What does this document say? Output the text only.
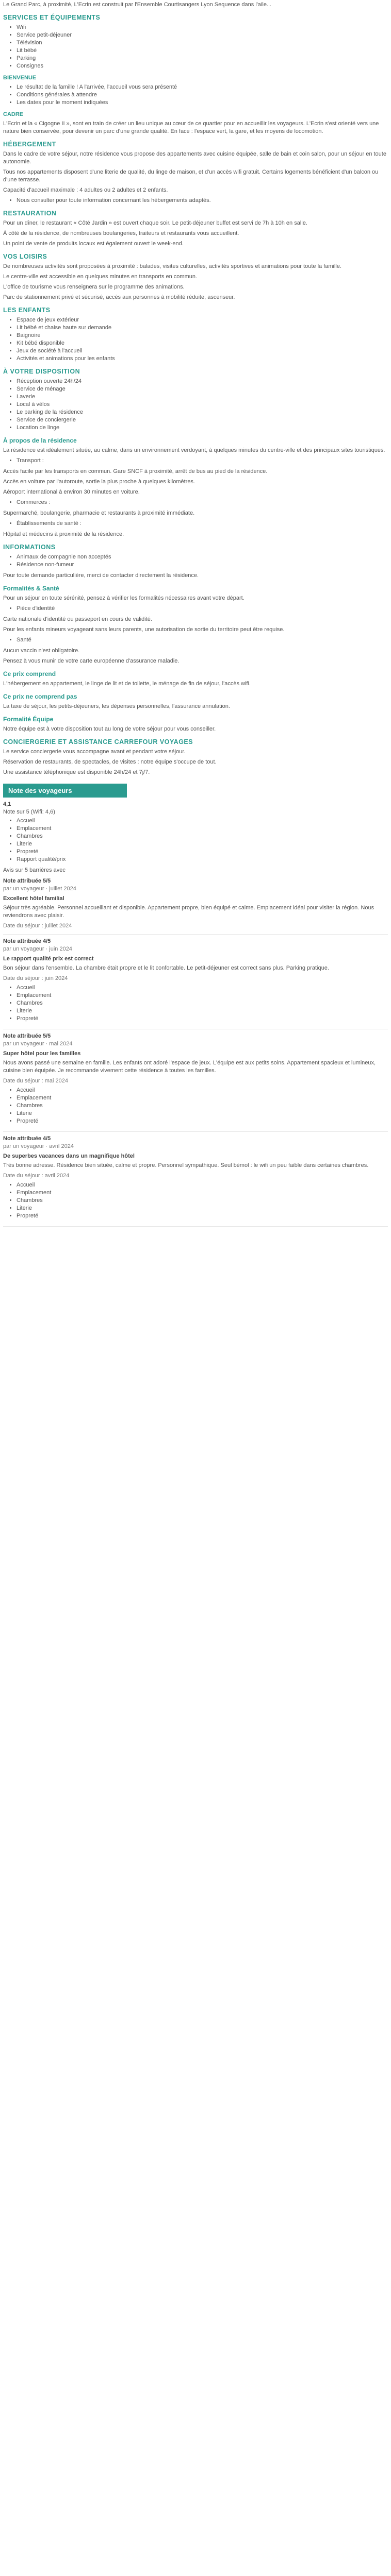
Le Grand Parc, à proximité, L'Ecrin est construit par l'Ensemble Courtisangers Lyon Sequence dans l'aile...

SERVICES ET ÉQUIPEMENTS
• Wifi
• Service petit-déjeuner
• Télévision
• Lit bébé
• Parking
• Consignes
BIENVENUE
• Le résultat de la famille ! A l'arrivée, l'accueil vous sera présenté
• Conditions générales à attendre
• Les dates pour le moment indiquées
CADRE

L'Ecrin et la « Cigogne II », sont en train de créer un lieu unique au cœur de ce quartier pour en accueillir les voyageurs. L'Ecrin s'est orienté vers une nature bien conservée, pour devenir un parc d'une grande qualité. En face : l'espace vert, la gare, et les moyens de locomotion.

HÉBERGEMENT

Dans le cadre de votre séjour, notre résidence vous propose des appartements avec cuisine équipée, salle de bain et coin salon, pour un séjour en toute autonomie.

Tous nos appartements disposent d'une literie de qualité, du linge de maison, et d'un accès wifi gratuit. Certains logements bénéficient d'un balcon ou d'une terrasse.

Capacité d'accueil maximale : 4 adultes ou 2 adultes et 2 enfants.

• Nous consulter pour toute information concernant les hébergements adaptés.
RESTAURATION

Pour un dîner, le restaurant « Côté Jardin » est ouvert chaque soir. Le petit-déjeuner buffet est servi de 7h à 10h en salle.

À côté de la résidence, de nombreuses boulangeries, traiteurs et restaurants vous accueillent.

Un point de vente de produits locaux est également ouvert le week-end.

VOS LOISIRS

De nombreuses activités sont proposées à proximité : balades, visites culturelles, activités sportives et animations pour toute la famille.

Le centre-ville est accessible en quelques minutes en transports en commun.

L'office de tourisme vous renseignera sur le programme des animations.

Parc de stationnement privé et sécurisé, accès aux personnes à mobilité réduite, ascenseur.

LES ENFANTS
• Espace de jeux extérieur
• Lit bébé et chaise haute sur demande
• Baignoire
• Kit bébé disponible
• Jeux de société à l'accueil
• Activités et animations pour les enfants
À VOTRE DISPOSITION
• Réception ouverte 24h/24
• Service de ménage
• Laverie
• Local à vélos
• Le parking de la résidence
• Service de conciergerie
• Location de linge
À propos de la résidence

La résidence est idéalement située, au calme, dans un environnement verdoyant, à quelques minutes du centre-ville et des principaux sites touristiques.

• Transport :

Accès facile par les transports en commun. Gare SNCF à proximité, arrêt de bus au pied de la résidence.

Accès en voiture par l'autoroute, sortie la plus proche à quelques kilomètres.

Aéroport international à environ 30 minutes en voiture.

• Commerces :

Supermarché, boulangerie, pharmacie et restaurants à proximité immédiate.

• Établissements de santé :

Hôpital et médecins à proximité de la résidence.

INFORMATIONS
• Animaux de compagnie non acceptés
• Résidence non-fumeur

Pour toute demande particulière, merci de contacter directement la résidence.

Formalités & Santé

Pour un séjour en toute sérénité, pensez à vérifier les formalités nécessaires avant votre départ.

• Pièce d'identité

Carte nationale d'identité ou passeport en cours de validité.

Pour les enfants mineurs voyageant sans leurs parents, une autorisation de sortie du territoire peut être requise.

• Santé

Aucun vaccin n'est obligatoire.

Pensez à vous munir de votre carte européenne d'assurance maladie.

Ce prix comprend

L'hébergement en appartement, le linge de lit et de toilette, le ménage de fin de séjour, l'accès wifi.

Ce prix ne comprend pas

La taxe de séjour, les petits-déjeuners, les dépenses personnelles, l'assurance annulation.

Formalité Équipe

Notre équipe est à votre disposition tout au long de votre séjour pour vous conseiller.

CONCIERGERIE ET ASSISTANCE CARREFOUR VOYAGES

Le service conciergerie vous accompagne avant et pendant votre séjour.

Réservation de restaurants, de spectacles, de visites : notre équipe s'occupe de tout.

Une assistance téléphonique est disponible 24h/24 et 7j/7.

Note des voyageurs
4,1
Note sur 5 (Wifi: 4,6)
• Accueil
• Emplacement
• Chambres
• Literie
• Propreté
• Rapport qualité/prix
Avis sur 5 barrières avec
Note attribuée 5/5
par un voyageur · juillet 2024
Excellent hôtel familial

Séjour très agréable. Personnel accueillant et disponible. Appartement propre, bien équipé et calme. Emplacement idéal pour visiter la région. Nous reviendrons avec plaisir.

Date du séjour : juillet 2024
Note attribuée 4/5
par un voyageur · juin 2024
Le rapport qualité prix est correct

Bon séjour dans l'ensemble. La chambre était propre et le lit confortable. Le petit-déjeuner est correct sans plus. Parking pratique.

Date du séjour : juin 2024
• Accueil
• Emplacement
• Chambres
• Literie
• Propreté
Note attribuée 5/5
par un voyageur · mai 2024
Super hôtel pour les familles

Nous avons passé une semaine en famille. Les enfants ont adoré l'espace de jeux. L'équipe est aux petits soins. Appartement spacieux et lumineux, cuisine bien équipée. Je recommande vivement cette résidence à toutes les familles.

Date du séjour : mai 2024
• Accueil
• Emplacement
• Chambres
• Literie
• Propreté
Note attribuée 4/5
par un voyageur · avril 2024
De superbes vacances dans un magnifique hôtel

Très bonne adresse. Résidence bien située, calme et propre. Personnel sympathique. Seul bémol : le wifi un peu faible dans certaines chambres.

Date du séjour : avril 2024
• Accueil
• Emplacement
• Chambres
• Literie
• Propreté
